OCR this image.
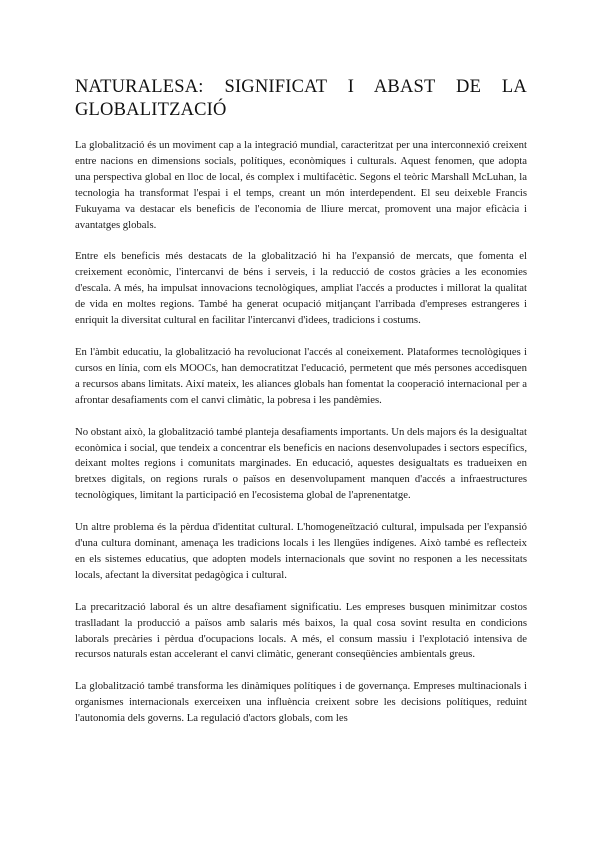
NATURALESA: SIGNIFICAT I ABAST DE LA GLOBALITZACIÓ

La globalització és un moviment cap a la integració mundial, caracteritzat per una interconnexió creixent entre nacions en dimensions socials, polítiques, econòmiques i culturals. Aquest fenomen, que adopta una perspectiva global en lloc de local, és complex i multifacètic. Segons el teòric Marshall McLuhan, la tecnologia ha transformat l'espai i el temps, creant un món interdependent. El seu deixeble Francis Fukuyama va destacar els beneficis de l'economia de lliure mercat, promovent una major eficàcia i avantatges globals.

Entre els beneficis més destacats de la globalització hi ha l'expansió de mercats, que fomenta el creixement econòmic, l'intercanvi de béns i serveis, i la reducció de costos gràcies a les economies d'escala. A més, ha impulsat innovacions tecnològiques, ampliat l'accés a productes i millorat la qualitat de vida en moltes regions. També ha generat ocupació mitjançant l'arribada d'empreses estrangeres i enriquit la diversitat cultural en facilitar l'intercanvi d'idees, tradicions i costums.

En l'àmbit educatiu, la globalització ha revolucionat l'accés al coneixement. Plataformes tecnològiques i cursos en línia, com els MOOCs, han democratitzat l'educació, permetent que més persones accedisquen a recursos abans limitats. Així mateix, les aliances globals han fomentat la cooperació internacional per a afrontar desafiaments com el canvi climàtic, la pobresa i les pandèmies.

No obstant això, la globalització també planteja desafiaments importants. Un dels majors és la desigualtat econòmica i social, que tendeix a concentrar els beneficis en nacions desenvolupades i sectors específics, deixant moltes regions i comunitats marginades. En educació, aquestes desigualtats es tradueixen en bretxes digitals, on regions rurals o països en desenvolupament manquen d'accés a infraestructures tecnològiques, limitant la participació en l'ecosistema global de l'aprenentatge.

Un altre problema és la pèrdua d'identitat cultural. L'homogeneïtzació cultural, impulsada per l'expansió d'una cultura dominant, amenaça les tradicions locals i les llengües indígenes. Això també es reflecteix en els sistemes educatius, que adopten models internacionals que sovint no responen a les necessitats locals, afectant la diversitat pedagògica i cultural.

La precarització laboral és un altre desafiament significatiu. Les empreses busquen minimitzar costos traslladant la producció a països amb salaris més baixos, la qual cosa sovint resulta en condicions laborals precàries i pèrdua d'ocupacions locals. A més, el consum massiu i l'explotació intensiva de recursos naturals estan accelerant el canvi climàtic, generant conseqüències ambientals greus.

La globalització també transforma les dinàmiques polítiques i de governança. Empreses multinacionals i organismes internacionals exerceixen una influència creixent sobre les decisions polítiques, reduint l'autonomia dels governs. La regulació d'actors globals, com les
